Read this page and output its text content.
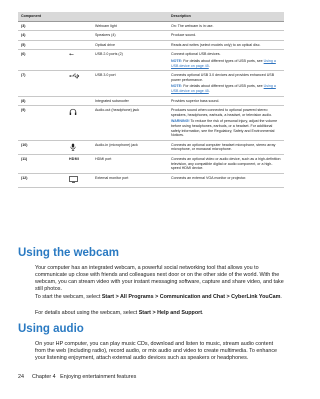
Component			Description
(3)		Webcam light	On: The webcam is in use.
(4)		Speakers (4)	Produce sound.
(5)		Optical drive	Reads and writes (select models only) to an optical disc.
(6)	⭠	USB 2.0 ports (2)	Connect optional USB devices.
NOTE: For details about different types of USB ports, see Using a USB device on page 45.

(7)		USB 3.0 port	Connects optional USB 3.0 devices and provides enhanced USB power performance.
NOTE: For details about different types of USB ports, see Using a USB device on page 45.

(8)		Integrated subwoofer	Provides superior bass sound.
(9)		Audio-out (headphone) jack	Produces sound when connected to optional powered stereo speakers, headphones, earbuds, a headset, or television audio.
WARNING! To reduce the risk of personal injury, adjust the volume before using headphones, earbuds, or a headset. For additional safety information, see the Regulatory, Safety and Environmental Notices.

(10)		Audio-in (microphone) jack	Connects an optional computer headset microphone, stereo array microphone, or monaural microphone.
(11)	HDMI	HDMI port	Connects an optional video or audio device, such as a high-definition television, any compatible digital or audio component, or a high-speed HDMI device.
(12)		External monitor port	Connects an external VGA monitor or projector.
Using the webcam

Your computer has an integrated webcam, a powerful social networking tool that allows you to communicate up close with friends and colleagues next door or on the other side of the world. With the webcam, you can stream video with your instant messaging software, capture and share video, and take still photos.

To start the webcam, select Start > All Programs > Communication and Chat > CyberLink YouCam.

For details about using the webcam, select Start > Help and Support.

Using audio

On your HP computer, you can play music CDs, download and listen to music, stream audio content from the web (including radio), record audio, or mix audio and video to create multimedia. To enhance your listening enjoyment, attach external audio devices such as speakers or headphones.

24 Chapter 4   Enjoying entertainment features
